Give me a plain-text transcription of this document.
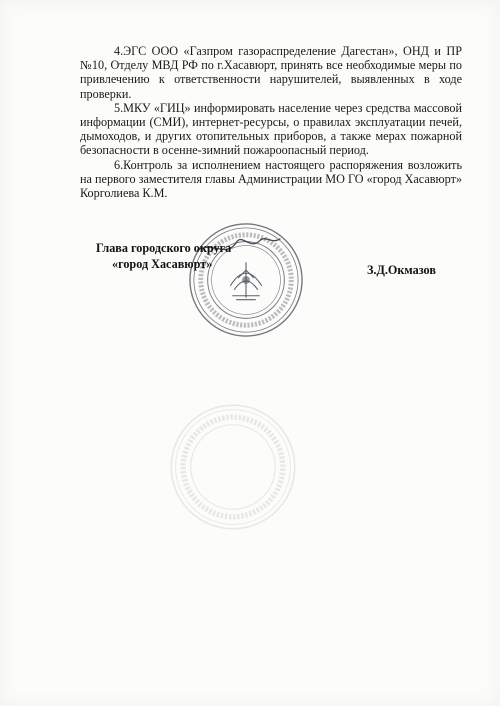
4.ЭГС ООО «Газпром газораспределение Дагестан», ОНД и ПР №10, Отделу МВД РФ по г.Хасавюрт, принять все необходимые меры по привлечению к ответственности нарушителей, выявленных в ходе проверки.

5.МКУ «ГИЦ» информировать население через средства массовой информации (СМИ), интернет-ресурсы, о правилах эксплуатации печей, дымоходов, и других отопительных приборов, а также мерах пожарной безопасности в осенне-зимний пожароопасный период.

6.Контроль за исполнением настоящего распоряжения возложить на первого заместителя главы Администрации МО ГО «город Хасавюрт» Корголиева К.М.

Глава городского округа
«город Хасавюрт»	З.Д.Окмазов
